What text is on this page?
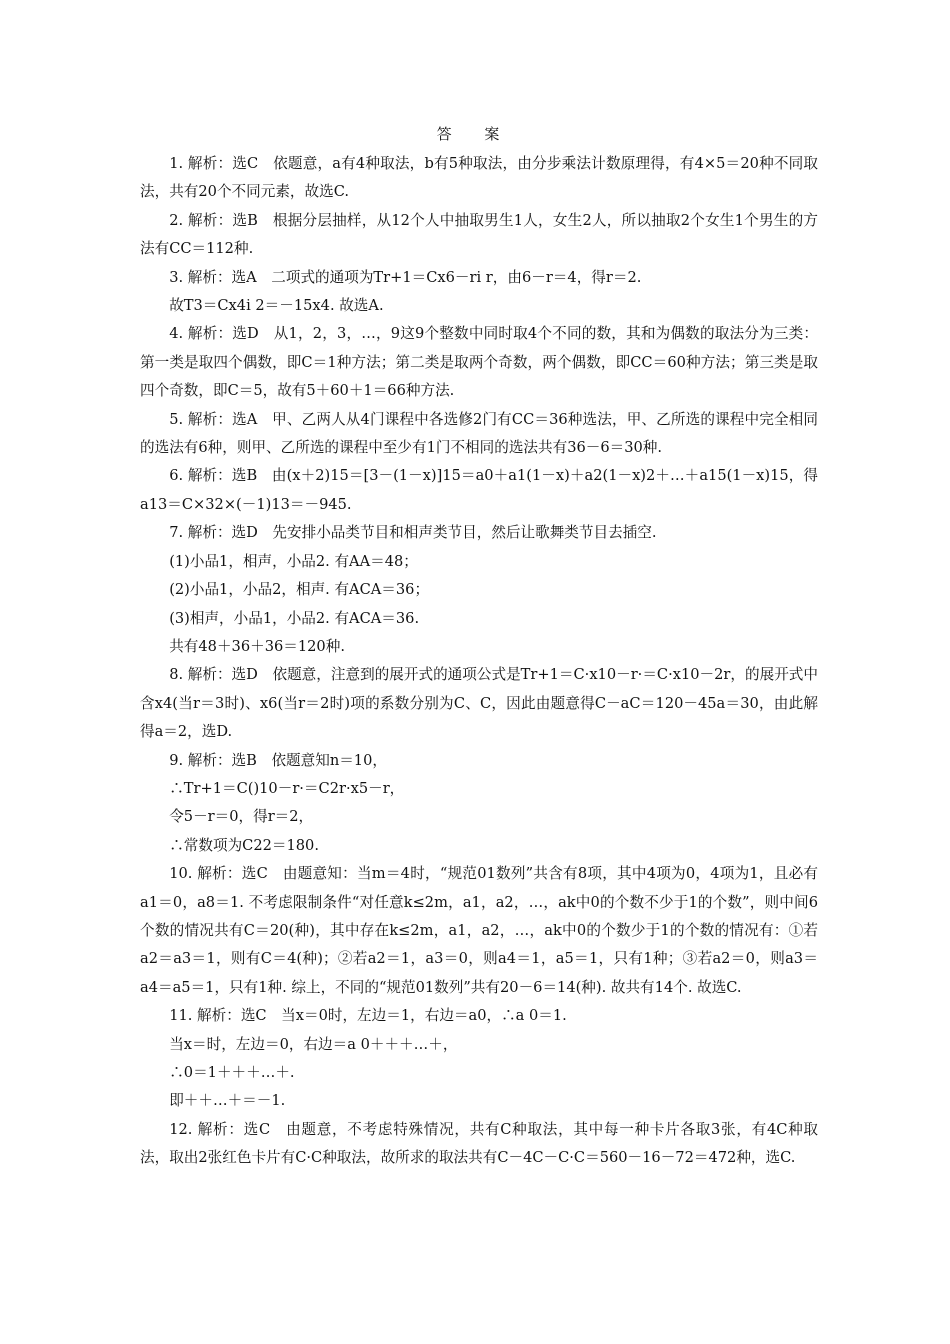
答 案

1. 解析：选C　依题意，a有4种取法，b有5种取法，由分步乘法计数原理得，有4×5＝20种不同取法，共有20个不同元素，故选C.

2. 解析：选B　根据分层抽样，从12个人中抽取男生1人，女生2人，所以抽取2个女生1个男生的方法有CC＝112种.

3. 解析：选A　二项式的通项为Tr+1＝Cx6－ri r，由6－r＝4，得r＝2.

　　故T3＝Cx4i 2＝－15x4. 故选A.

4. 解析：选D　从1，2，3，…，9这9个整数中同时取4个不同的数，其和为偶数的取法分为三类：第一类是取四个偶数，即C＝1种方法；第二类是取两个奇数，两个偶数，即CC＝60种方法；第三类是取四个奇数，即C＝5，故有5＋60＋1＝66种方法.

5. 解析：选A　甲、乙两人从4门课程中各选修2门有CC＝36种选法，甲、乙所选的课程中完全相同的选法有6种，则甲、乙所选的课程中至少有1门不相同的选法共有36－6＝30种.

6. 解析：选B　由(x＋2)15＝[3－(1－x)]15＝a0＋a1(1－x)＋a2(1－x)2＋…＋a15(1－x)15，得a13＝C×32×(－1)13＝－945.

7. 解析：选D　先安排小品类节目和相声类节目，然后让歌舞类节目去插空.

　　(1)小品1，相声，小品2. 有AA＝48；

　　(2)小品1，小品2，相声. 有ACA＝36；

　　(3)相声，小品1，小品2. 有ACA＝36.

　　共有48＋36＋36＝120种.

8. 解析：选D　依题意，注意到的展开式的通项公式是Tr+1＝C·x10－r·＝C·x10－2r，的展开式中含x4(当r＝3时)、x6(当r＝2时)项的系数分别为C、C，因此由题意得C－aC＝120－45a＝30，由此解得a＝2，选D.

9. 解析：选B　依题意知n＝10，

　　∴Tr+1＝C()10－r·＝C2r·x5－r，

　　令5－r＝0，得r＝2，

　　∴常数项为C22＝180.

10. 解析：选C　由题意知：当m＝4时，“规范01数列”共含有8项，其中4项为0，4项为1，且必有a1＝0，a8＝1. 不考虑限制条件“对任意k≤2m，a1，a2，…，ak中0的个数不少于1的个数”，则中间6个数的情况共有C＝20(种)，其中存在k≤2m，a1，a2，…，ak中0的个数少于1的个数的情况有：①若a2＝a3＝1，则有C＝4(种)；②若a2＝1，a3＝0，则a4＝1，a5＝1，只有1种；③若a2＝0，则a3＝a4＝a5＝1，只有1种. 综上，不同的“规范01数列”共有20－6＝14(种). 故共有14个. 故选C.

11. 解析：选C　当x＝0时，左边＝1，右边＝a0，∴a 0＝1.

　　当x＝时，左边＝0，右边＝a 0＋＋＋…＋，

　　∴0＝1＋＋＋…＋.

　　即＋＋…＋＝－1.

12. 解析：选C　由题意，不考虑特殊情况，共有C种取法，其中每一种卡片各取3张，有4C种取法，取出2张红色卡片有C·C种取法，故所求的取法共有C－4C－C·C＝560－16－72＝472种，选C.
